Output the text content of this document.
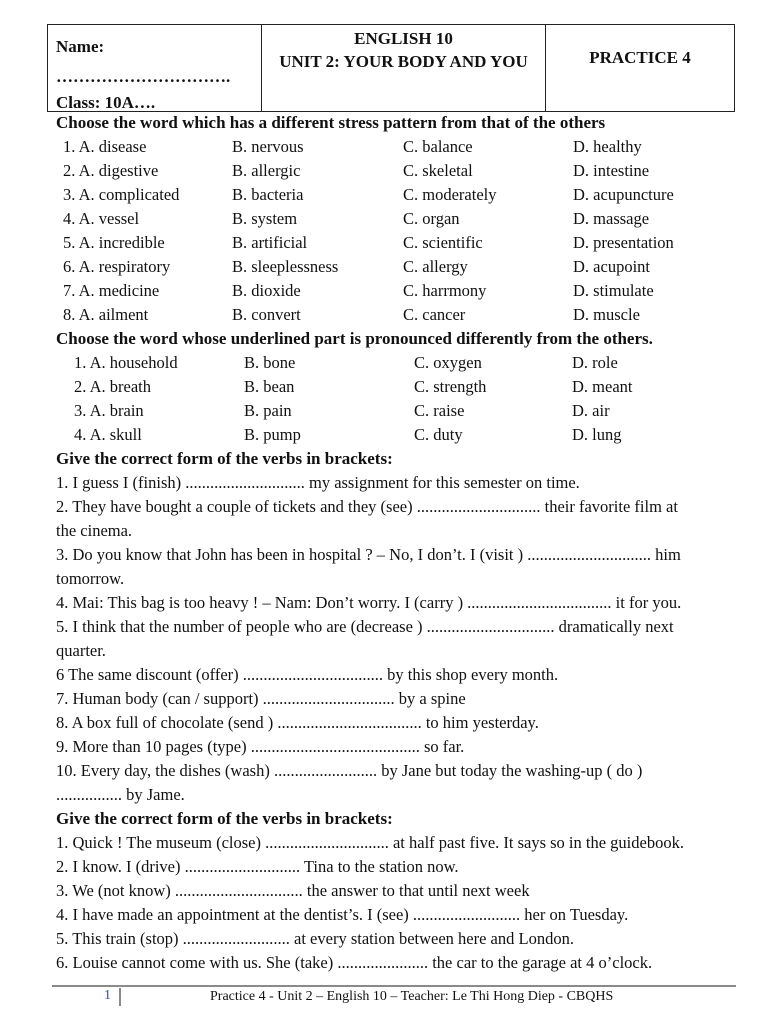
Name:
………………………….
Class: 10A….
ENGLISH 10
UNIT 2: YOUR BODY AND YOU	PRACTICE 4
Choose the word which has a different stress pattern from that of the others
1. A. disease	B. nervous	C. balance	D. healthy
2. A. digestive	B. allergic	C. skeletal	D. intestine
3. A. complicated	B. bacteria	C. moderately	D. acupuncture
4. A. vessel	B. system	C. organ	D. massage
5. A. incredible	B. artificial	C. scientific	D. presentation
6. A. respiratory	B. sleeplessness	C. allergy	D. acupoint
7. A. medicine	B. dioxide	C. harrmony	D. stimulate
8. A. ailment	B. convert	C. cancer	D. muscle
Choose the word whose underlined part is pronounced differently from the others.
1. A. household	B. bone	C. oxygen	D. role
2. A. breath	B. bean	C. strength	D. meant
3. A. brain	B. pain	C. raise	D. air
4. A. skull	B. pump	C. duty	D. lung
Give the correct form of the verbs in brackets:
1. I guess I (finish) ............................. my assignment for this semester on time.
2. They have bought a couple of tickets and they (see) .............................. their favorite film at
the cinema.
3. Do you know that John has been in hospital ? – No, I don’t. I (visit ) .............................. him
tomorrow.
4. Mai: This bag is too heavy ! – Nam: Don’t worry. I (carry ) ................................... it for you.
5. I think that the number of people who are (decrease ) ............................... dramatically next
quarter.
6 The same discount (offer) .................................. by this shop every month.
7. Human body (can / support) ................................ by a spine
8. A box full of chocolate (send ) ................................... to him yesterday.
9. More than 10 pages (type) ......................................... so far.
10. Every day, the dishes (wash) ......................... by Jane but today the washing-up ( do )
................ by Jame.
Give the correct form of the verbs in brackets:
1. Quick ! The museum (close) .............................. at half past five. It says so in the guidebook.
2. I know. I (drive) ............................ Tina to the station now.
3. We (not know) ............................... the answer to that until next week
4. I have made an appointment at the dentist’s. I (see) .......................... her on Tuesday.
5. This train (stop) .......................... at every station between here and London.
6. Louise cannot come with us. She (take) ...................... the car to the garage at 4 o’clock.
1	Practice 4 - Unit 2 – English 10 – Teacher: Le Thi Hong Diep - CBQHS
